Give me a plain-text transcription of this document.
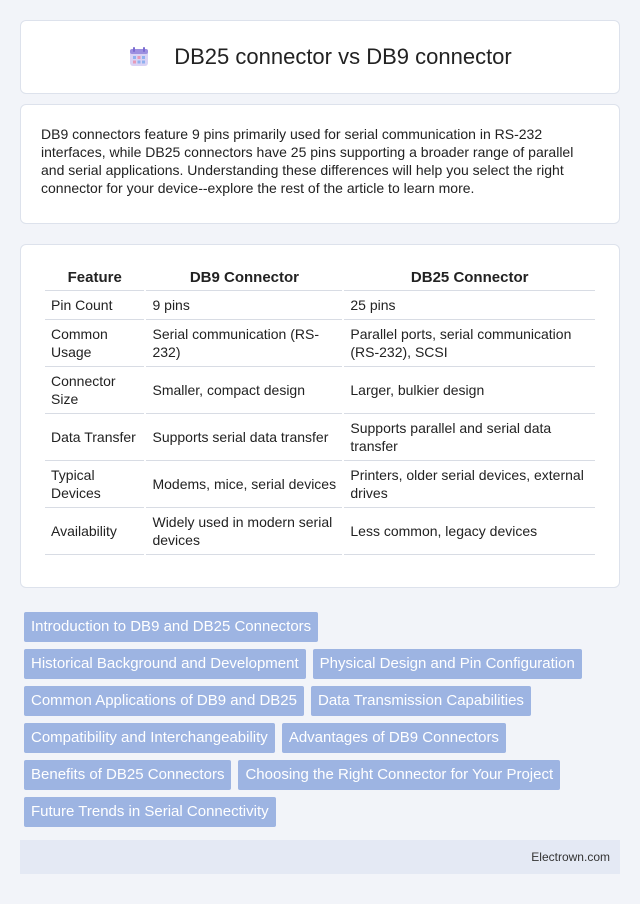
DB25 connector vs DB9 connector

DB9 connectors feature 9 pins primarily used for serial communication in RS-232 interfaces, while DB25 connectors have 25 pins supporting a broader range of parallel and serial applications. Understanding these differences will help you select the right connector for your device--explore the rest of the article to learn more.

Feature	DB9 Connector	DB25 Connector
Pin Count	9 pins	25 pins
Common Usage	Serial communication (RS-232)	Parallel ports, serial communication (RS-232), SCSI
Connector Size	Smaller, compact design	Larger, bulkier design
Data Transfer	Supports serial data transfer	Supports parallel and serial data transfer
Typical Devices	Modems, mice, serial devices	Printers, older serial devices, external drives
Availability	Widely used in modern serial devices	Less common, legacy devices
Introduction to DB9 and DB25 Connectors
Historical Background and Development	Physical Design and Pin Configuration
Common Applications of DB9 and DB25	Data Transmission Capabilities
Compatibility and Interchangeability	Advantages of DB9 Connectors
Benefits of DB25 Connectors	Choosing the Right Connector for Your Project
Future Trends in Serial Connectivity
Electrown.com
